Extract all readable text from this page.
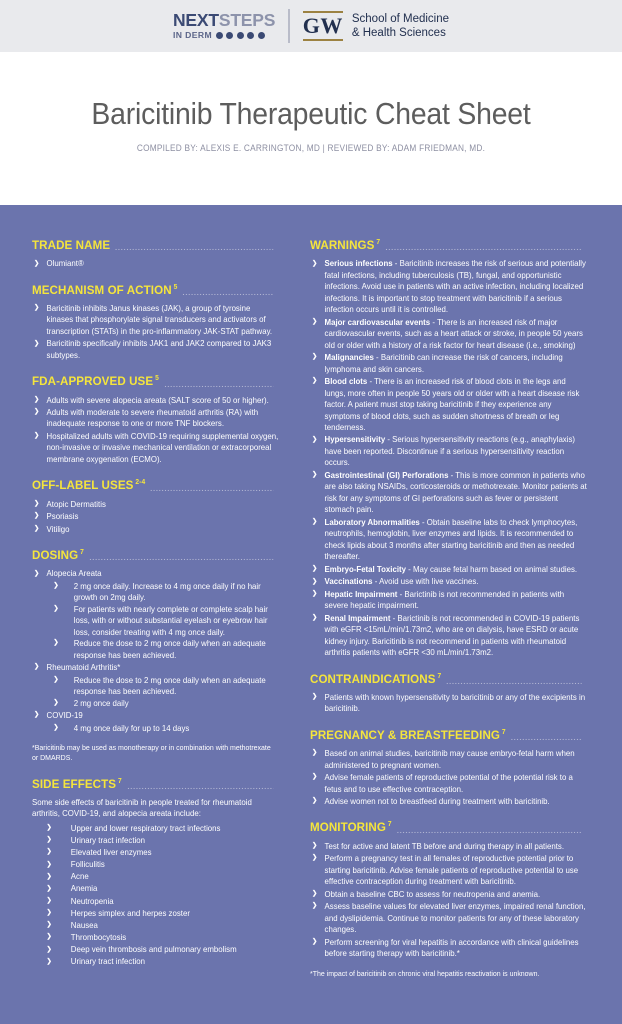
NEXTSTEPS
IN DERM	GW School of Medicine
& Health Sciences
Baricitinib Therapeutic Cheat Sheet
COMPILED BY: ALEXIS E. CARRINGTON, MD | REVIEWED BY: ADAM FRIEDMAN, MD.
TRADE NAME
❯ Olumiant®
MECHANISM OF ACTION 5
❯ Baricitinib inhibits Janus kinases (JAK), a group of tyrosine kinases that phosphorylate signal transducers and activators of transcription (STATs) in the pro-inflammatory JAK-STAT pathway.
❯ Baricitinib specifically inhibits JAK1 and JAK2 compared to JAK3 subtypes.
FDA-APPROVED USE 5
❯ Adults with severe alopecia areata (SALT score of 50 or higher).
❯ Adults with moderate to severe rheumatoid arthritis (RA) with inadequate response to one or more TNF blockers.
❯ Hospitalized adults with COVID-19 requiring supplemental oxygen, non-invasive or invasive mechanical ventilation or extracorporeal membrane oxygenation (ECMO).
OFF-LABEL USES 2-4
❯ Atopic Dermatitis
❯ Psoriasis
❯ Vitiligo
DOSING 7
❯ Alopecia Areata
❯ 2 mg once daily. Increase to 4 mg once daily if no hair growth on 2mg daily.
❯ For patients with nearly complete or complete scalp hair loss, with or without substantial eyelash or eyebrow hair loss, consider treating with 4 mg once daily.
❯ Reduce the dose to 2 mg once daily when an adequate response has been achieved.
❯ Rheumatoid Arthritis*
❯ Reduce the dose to 2 mg once daily when an adequate response has been achieved.
❯ 2 mg once daily
❯ COVID-19
❯ 4 mg once daily for up to 14 days
*Baricitinib may be used as monotherapy or in combination with methotrexate or DMARDS.
SIDE EFFECTS 7
Some side effects of baricitinib in people treated for rheumatoid arthritis, COVID-19, and alopecia areata include:
❯ Upper and lower respiratory tract infections
❯ Urinary tract infection
❯ Elevated liver enzymes
❯ Folliculitis
❯ Acne
❯ Anemia
❯ Neutropenia
❯ Herpes simplex and herpes zoster
❯ Nausea
❯ Thrombocytosis
❯ Deep vein thrombosis and pulmonary embolism
❯ Urinary tract infection
WARNINGS 7
❯ Serious infections - Baricitinib increases the risk of serious and potentially fatal infections, including tuberculosis (TB), fungal, and opportunistic infections. Avoid use in patients with an active infection, including localized infections. It is important to stop treatment with baricitinib if a serious infection occurs until it is controlled.
❯ Major cardiovascular events - There is an increased risk of major cardiovascular events, such as a heart attack or stroke, in people 50 years old or older with a history of a risk factor for heart disease (i.e., smoking)
❯ Malignancies - Baricitinib can increase the risk of cancers, including lymphoma and skin cancers.
❯ Blood clots - There is an increased risk of blood clots in the legs and lungs, more often in people 50 years old or older with a heart disease risk factor. A patient must stop taking baricitinib if they experience any symptoms of blood clots, such as sudden shortness of breath or leg tenderness.
❯ Hypersensitivity - Serious hypersensitivity reactions (e.g., anaphylaxis) have been reported. Discontinue if a serious hypersensitivity reaction occurs.
❯ Gastrointestinal (GI) Perforations - This is more common in patients who are also taking NSAIDs, corticosteroids or methotrexate. Monitor patients at risk for any symptoms of GI perforations such as fever or persistent stomach pain.
❯ Laboratory Abnormalities - Obtain baseline labs to check lymphocytes, neutrophils, hemoglobin, liver enzymes and lipids. It is recommended to check lipids about 3 months after starting baricitinib and then as needed thereafter.
❯ Embryo-Fetal Toxicity - May cause fetal harm based on animal studies.
❯ Vaccinations - Avoid use with live vaccines.
❯ Hepatic Impairment - Barictinib is not recommended in patients with severe hepatic impairment.
❯ Renal Impairment - Barictinib is not recommended in COVID-19 patients with eGFR <15mL/min/1.73m2, who are on dialysis, have ESRD or acute kidney injury. Baricitinib is not recommend in patients with rheumatoid arthritis patients with eGFR <30 mL/min/1.73m2.
CONTRAINDICATIONS 7
❯ Patients with known hypersensitivity to baricitinib or any of the excipients in baricitinib.
PREGNANCY & BREASTFEEDING 7
❯ Based on animal studies, baricitinib may cause embryo-fetal harm when administered to pregnant women.
❯ Advise female patients of reproductive potential of the potential risk to a fetus and to use effective contraception.
❯ Advise women not to breastfeed during treatment with baricitinib.
MONITORING 7
❯ Test for active and latent TB before and during therapy in all patients.
❯ Perform a pregnancy test in all females of reproductive potential prior to starting baricitinib. Advise female patients of reproductive potential to use effective contraception during treatment with baricitinib.
❯ Obtain a baseline CBC to assess for neutropenia and anemia.
❯ Assess baseline values for elevated liver enzymes, impaired renal function, and dyslipidemia. Continue to monitor patients for any of these laboratory changes.
❯ Perform screening for viral hepatitis in accordance with clinical guidelines before starting therapy with baricitinib.*
*The impact of baricitinib on chronic viral hepatitis reactivation is unknown.
